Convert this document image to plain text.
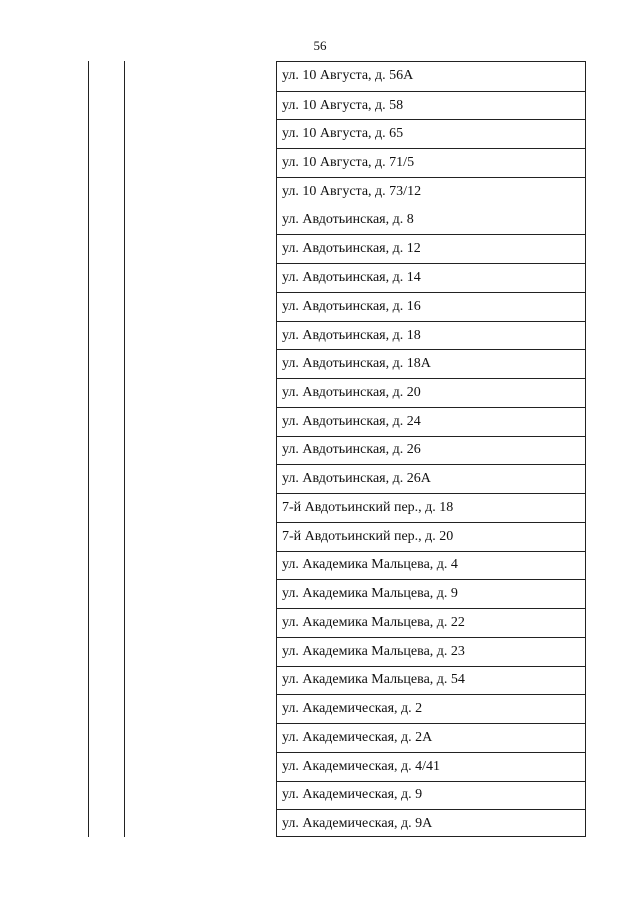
56
ул. 10 Августа, д. 56А
ул. 10 Августа, д. 58
ул. 10 Августа, д. 65
ул. 10 Августа, д. 71/5
ул. 10 Августа, д. 73/12
ул. Авдотьинская, д. 8
ул. Авдотьинская, д. 12
ул. Авдотьинская, д. 14
ул. Авдотьинская, д. 16
ул. Авдотьинская, д. 18
ул. Авдотьинская, д. 18А
ул. Авдотьинская, д. 20
ул. Авдотьинская, д. 24
ул. Авдотьинская, д. 26
ул. Авдотьинская, д. 26А
7-й Авдотьинский пер., д. 18
7-й Авдотьинский пер., д. 20
ул. Академика Мальцева, д. 4
ул. Академика Мальцева, д. 9
ул. Академика Мальцева, д. 22
ул. Академика Мальцева, д. 23
ул. Академика Мальцева, д. 54
ул. Академическая, д. 2
ул. Академическая, д. 2А
ул. Академическая, д. 4/41
ул. Академическая, д. 9
ул. Академическая, д. 9А
